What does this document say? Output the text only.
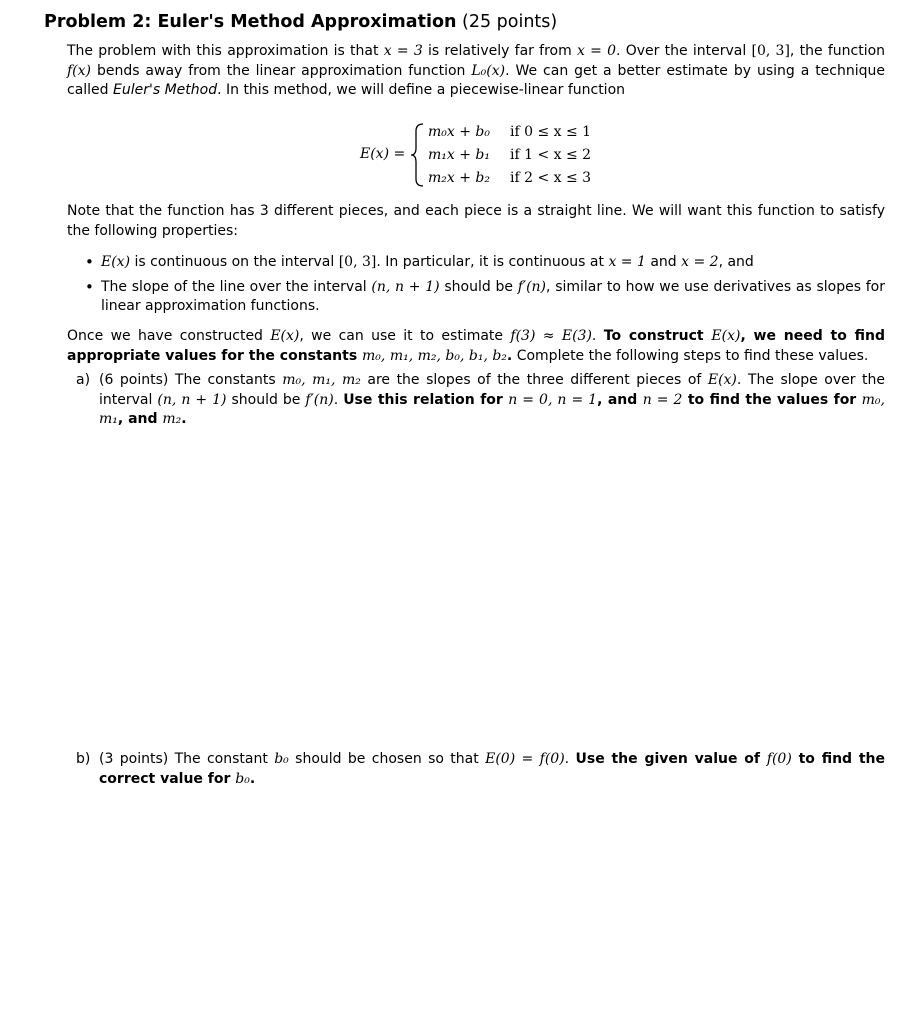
Problem 2: Euler's Method Approximation (25 points)

The problem with this approximation is that x = 3 is relatively far from x = 0. Over the interval [0, 3], the function f(x) bends away from the linear approximation function L₀(x). We can get a better estimate by using a technique called Euler's Method. In this method, we will define a piecewise-linear function

E(x) =
m₀x + b₀ if 0 ≤ x ≤ 1
m₁x + b₁ if 1 < x ≤ 2
m₂x + b₂ if 2 < x ≤ 3

Note that the function has 3 different pieces, and each piece is a straight line. We will want this function to satisfy the following properties:

• E(x) is continuous on the interval [0, 3]. In particular, it is continuous at x = 1 and x = 2, and
• The slope of the line over the interval (n, n + 1) should be f′(n), similar to how we use derivatives as slopes for linear approximation functions.

Once we have constructed E(x), we can use it to estimate f(3) ≈ E(3). To construct E(x), we need to find appropriate values for the constants m₀, m₁, m₂, b₀, b₁, b₂. Complete the following steps to find these values.

a) (6 points) The constants m₀, m₁, m₂ are the slopes of the three different pieces of E(x). The slope over the interval (n, n + 1) should be f′(n). Use this relation for n = 0, n = 1, and n = 2 to find the values for m₀, m₁, and m₂.
b) (3 points) The constant b₀ should be chosen so that E(0) = f(0). Use the given value of f(0) to find the correct value for b₀.
